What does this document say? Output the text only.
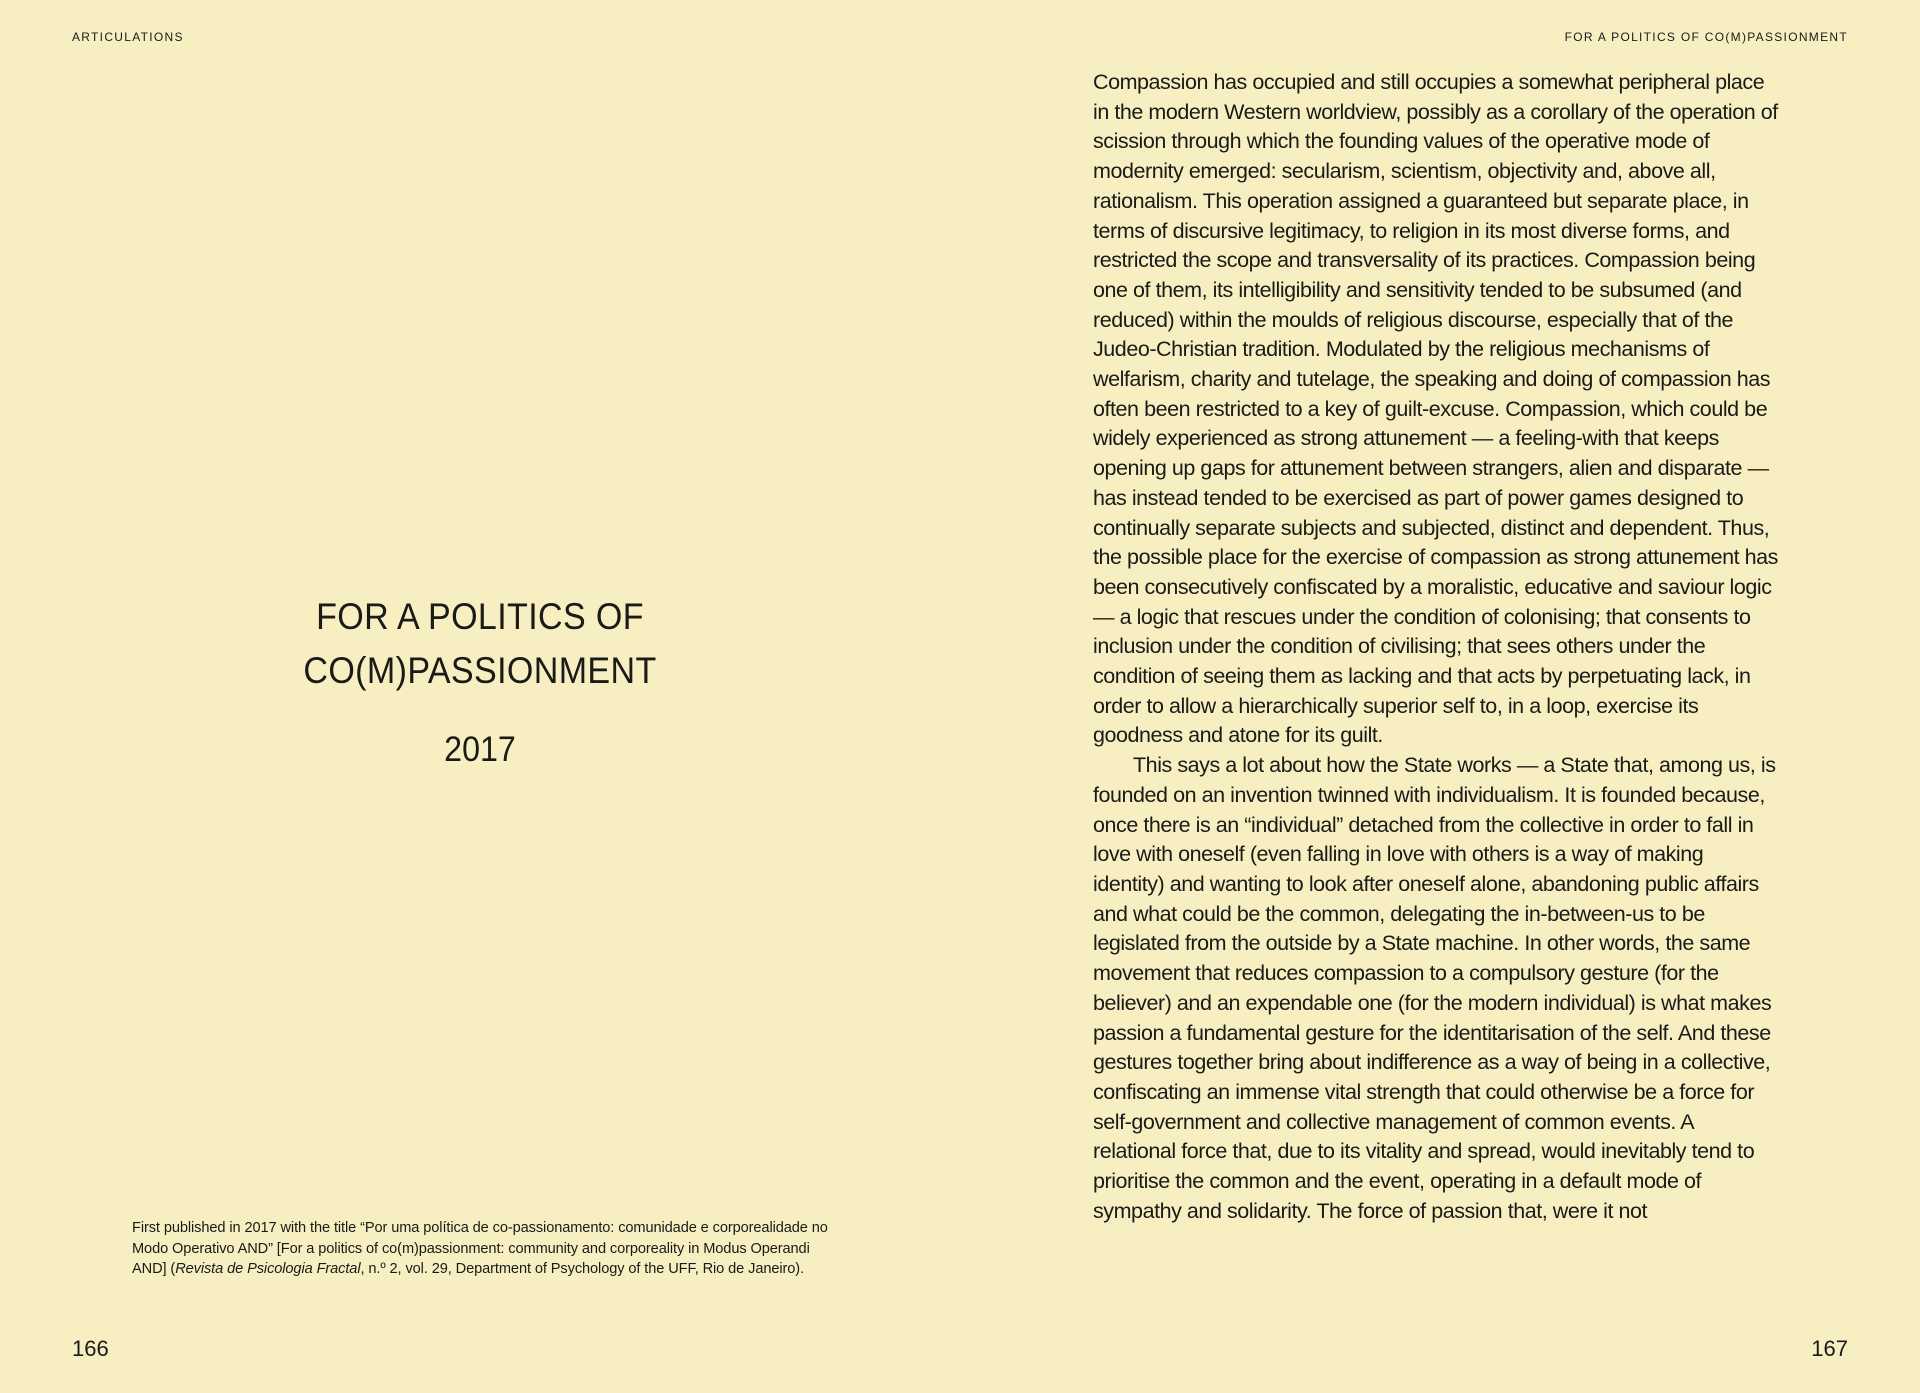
ARTICULATIONS
FOR A POLITICS OF
CO(M)PASSIONMENT
2017
First published in 2017 with the title “Por uma política de co-passionamento: comunidade e corporealidade no Modo Operativo AND” [For a politics of co(m)passionment: community and corporeality in Modus Operandi AND] (Revista de Psicologia Fractal, n.º 2, vol. 29, Department of Psychology of the UFF, Rio de Janeiro).
166
FOR A POLITICS OF CO(M)PASSIONMENT

Compassion has occupied and still occupies a somewhat peripheral place in the modern Western worldview, possibly as a corollary of the operation of scission through which the founding values of the operative mode of modernity emerged: secularism, scientism, objectivity and, above all, rationalism. This operation assigned a guaranteed but separate place, in terms of discursive legitimacy, to religion in its most diverse forms, and restricted the scope and transversality of its practices. Compassion being one of them, its intelligibility and sensitivity tended to be subsumed (and reduced) within the moulds of religious discourse, especially that of the Judeo-Christian tradition. Modulated by the religious mechanisms of welfarism, charity and tutelage, the speaking and doing of compassion has often been restricted to a key of guilt-excuse. Compassion, which could be widely experienced as strong attunement — a feeling-with that keeps opening up gaps for attunement between strangers, alien and disparate — has instead tended to be exercised as part of power games designed to continually separate subjects and subjected, distinct and dependent. Thus, the possible place for the exercise of compassion as strong attunement has been consecutively confiscated by a moralistic, educative and saviour logic — a logic that rescues under the condition of colonising; that consents to inclusion under the condition of civilising; that sees others under the condition of seeing them as lacking and that acts by perpetuating lack, in order to allow a hierarchically superior self to, in a loop, exercise its goodness and atone for its guilt.

This says a lot about how the State works — a State that, among us, is founded on an invention twinned with individualism. It is founded because, once there is an “individual” detached from the collective in order to fall in love with oneself (even falling in love with others is a way of making identity) and wanting to look after oneself alone, abandoning public affairs and what could be the common, delegating the in-between-us to be legislated from the outside by a State machine. In other words, the same movement that reduces compassion to a compulsory gesture (for the believer) and an expendable one (for the modern individual) is what makes passion a fundamental gesture for the identitarisation of the self. And these gestures together bring about indifference as a way of being in a collective, confiscating an immense vital strength that could otherwise be a force for self-government and collective management of common events. A relational force that, due to its vitality and spread, would inevitably tend to prioritise the common and the event, operating in a default mode of sympathy and solidarity. The force of passion that, were it not

167
